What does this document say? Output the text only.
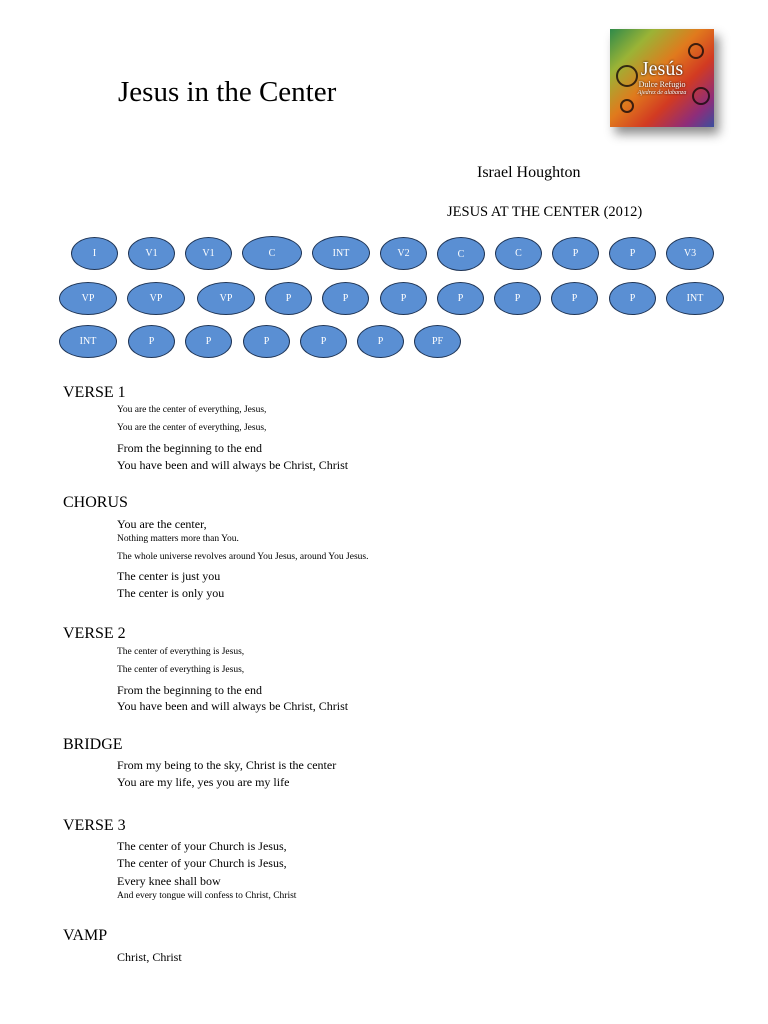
Jesus in the Center
Jesús
Dulce Refugio
Ajedrez de alabanza
Israel Houghton
JESUS AT THE CENTER (2012)
I	V1	V1	C	INT	V2	C	C	P	P	V3
VP	VP	VP	P	P	P	P	P	P	P	INT
INT	P	P	P	P	P	PF
VERSE 1
You are the center of everything, Jesus,
You are the center of everything, Jesus,
From the beginning to the end
You have been and will always be Christ, Christ
CHORUS
You are the center,
Nothing matters more than You.
The whole universe revolves around You Jesus, around You Jesus.
The center is just you
The center is only you
VERSE 2
The center of everything is Jesus,
The center of everything is Jesus,
From the beginning to the end
You have been and will always be Christ, Christ
BRIDGE
From my being to the sky, Christ is the center
You are my life, yes you are my life
VERSE 3
The center of your Church is Jesus,
The center of your Church is Jesus,
Every knee shall bow
And every tongue will confess to Christ, Christ
VAMP
Christ, Christ
